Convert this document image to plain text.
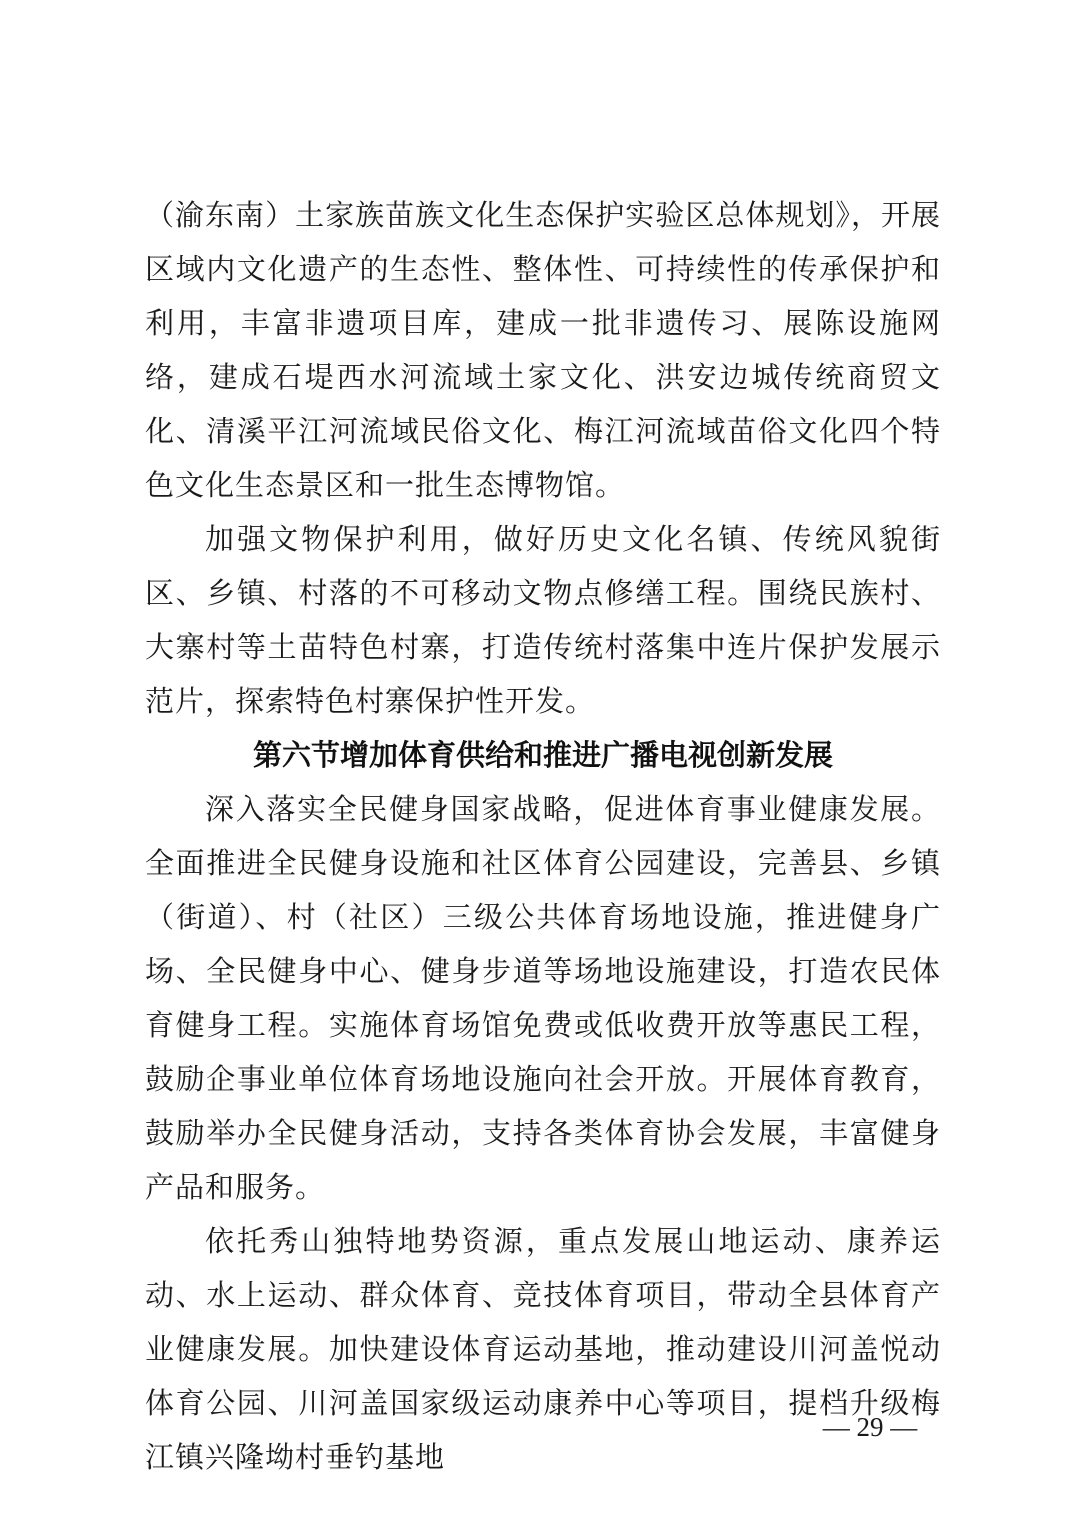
（渝东南）土家族苗族文化生态保护实验区总体规划》，开展区域内文化遗产的生态性、整体性、可持续性的传承保护和利用，丰富非遗项目库，建成一批非遗传习、展陈设施网络，建成石堤西水河流域土家文化、洪安边城传统商贸文化、清溪平江河流域民俗文化、梅江河流域苗俗文化四个特色文化生态景区和一批生态博物馆。

加强文物保护利用，做好历史文化名镇、传统风貌街区、乡镇、村落的不可移动文物点修缮工程。围绕民族村、大寨村等土苗特色村寨，打造传统村落集中连片保护发展示范片，探索特色村寨保护性开发。

第六节增加体育供给和推进广播电视创新发展

深入落实全民健身国家战略，促进体育事业健康发展。全面推进全民健身设施和社区体育公园建设，完善县、乡镇（街道）、村（社区）三级公共体育场地设施，推进健身广场、全民健身中心、健身步道等场地设施建设，打造农民体育健身工程。实施体育场馆免费或低收费开放等惠民工程，鼓励企事业单位体育场地设施向社会开放。开展体育教育，鼓励举办全民健身活动，支持各类体育协会发展，丰富健身产品和服务。

依托秀山独特地势资源，重点发展山地运动、康养运动、水上运动、群众体育、竞技体育项目，带动全县体育产业健康发展。加快建设体育运动基地，推动建设川河盖悦动体育公园、川河盖国家级运动康养中心等项目，提档升级梅江镇兴隆坳村垂钓基地

— 29 —
